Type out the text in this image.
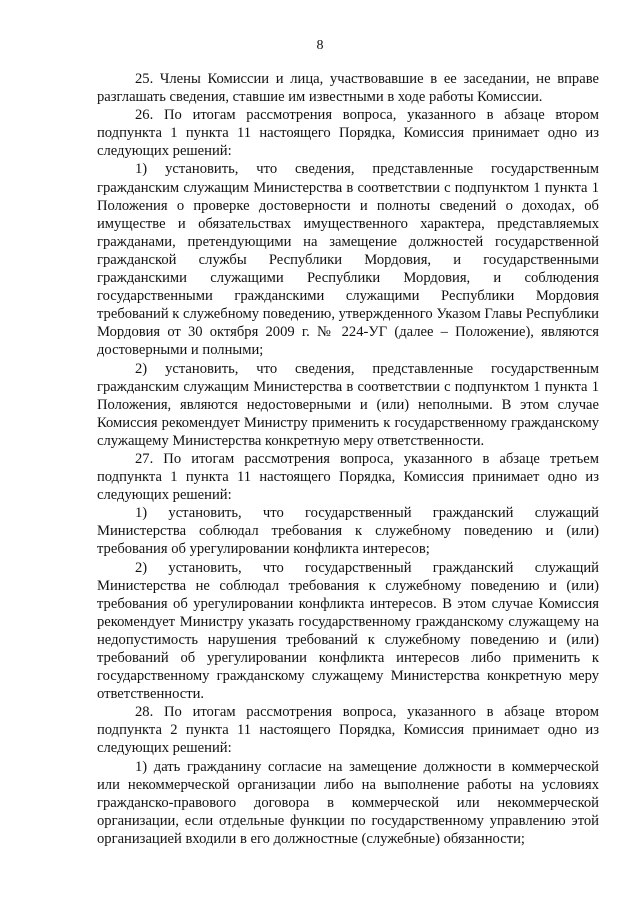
8

25. Члены Комиссии и лица, участвовавшие в ее заседании, не вправе разглашать сведения, ставшие им известными в ходе работы Комиссии.

26. По итогам рассмотрения вопроса, указанного в абзаце втором подпункта 1 пункта 11 настоящего Порядка, Комиссия принимает одно из следующих решений:

1) установить, что сведения, представленные государственным гражданским служащим Министерства в соответствии с подпунктом 1 пункта 1 Положения о проверке достоверности и полноты сведений о доходах, об имуществе и обязательствах имущественного характера, представляемых гражданами, претендующими на замещение должностей государственной гражданской службы Республики Мордовия, и государственными гражданскими служащими Республики Мордовия, и соблюдения государственными гражданскими служащими Республики Мордовия требований к служебному поведению, утвержденного Указом Главы Республики Мордовия от 30 октября 2009 г. № 224-УГ (далее – Положение), являются достоверными и полными;

2) установить, что сведения, представленные государственным гражданским служащим Министерства в соответствии с подпунктом 1 пункта 1 Положения, являются недостоверными и (или) неполными. В этом случае Комиссия рекомендует Министру применить к государственному гражданскому служащему Министерства конкретную меру ответственности.

27. По итогам рассмотрения вопроса, указанного в абзаце третьем подпункта 1 пункта 11 настоящего Порядка, Комиссия принимает одно из следующих решений:

1) установить, что государственный гражданский служащий Министерства соблюдал требования к служебному поведению и (или) требования об урегулировании конфликта интересов;

2) установить, что государственный гражданский служащий Министерства не соблюдал требования к служебному поведению и (или) требования об урегулировании конфликта интересов. В этом случае Комиссия рекомендует Министру указать государственному гражданскому служащему на недопустимость нарушения требований к служебному поведению и (или) требований об урегулировании конфликта интересов либо применить к государственному гражданскому служащему Министерства конкретную меру ответственности.

28. По итогам рассмотрения вопроса, указанного в абзаце втором подпункта 2 пункта 11 настоящего Порядка, Комиссия принимает одно из следующих решений:

1) дать гражданину согласие на замещение должности в коммерческой или некоммерческой организации либо на выполнение работы на условиях гражданско-правового договора в коммерческой или некоммерческой организации, если отдельные функции по государственному управлению этой организацией входили в его должностные (служебные) обязанности;
